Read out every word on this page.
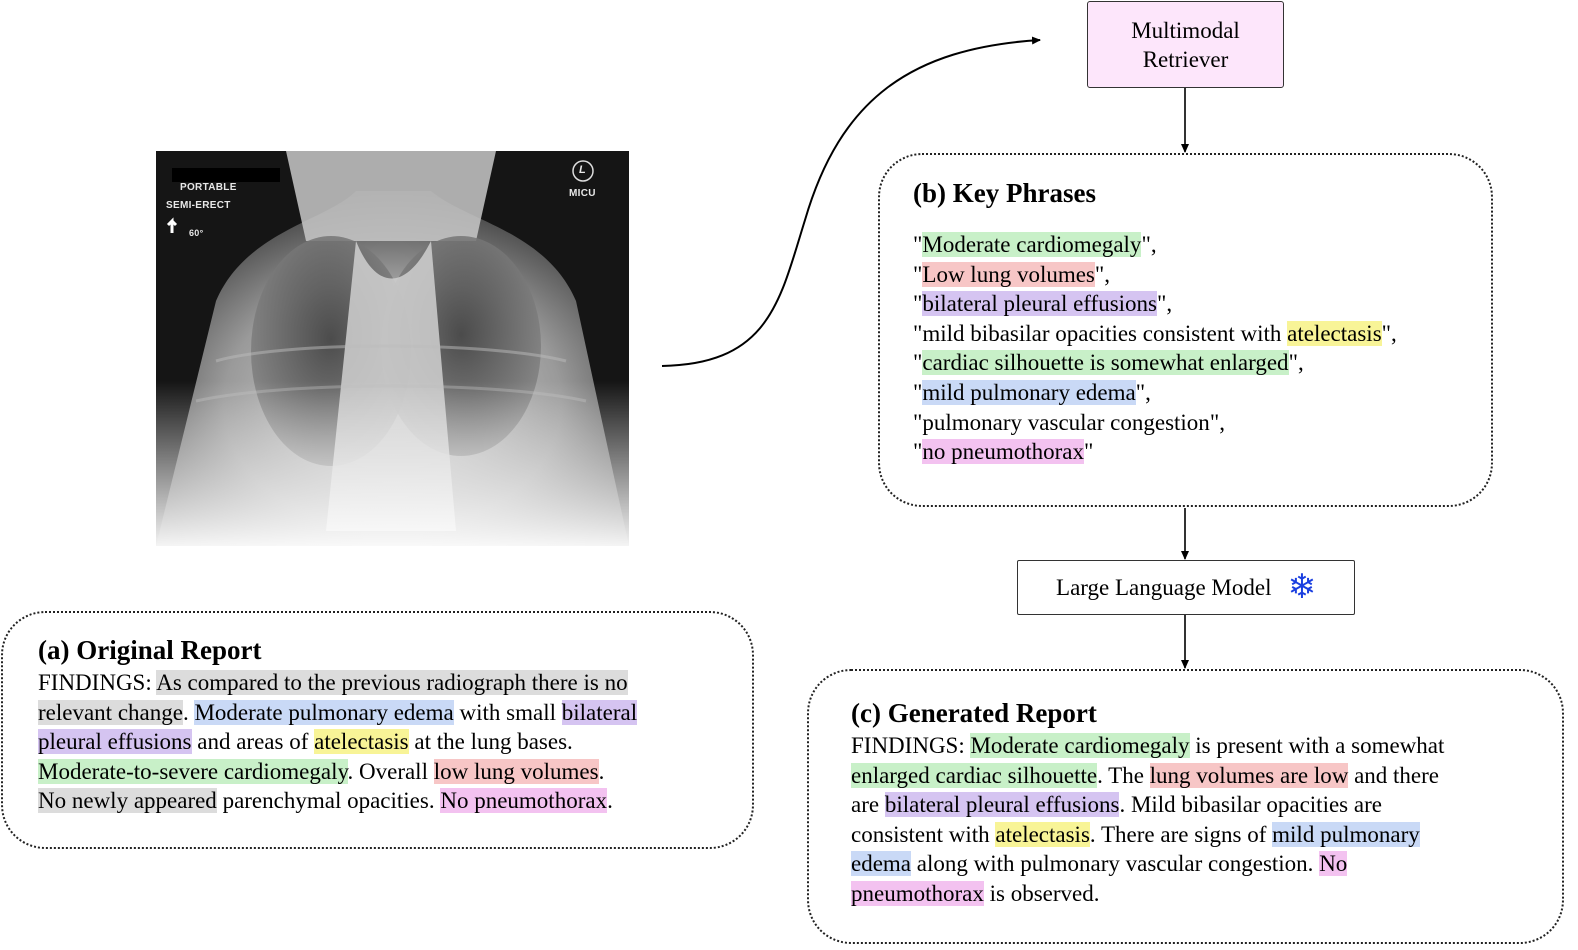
PORTABLE
SEMI-ERECT
60°
L
MICU
Multimodal
Retriever
(b) Key Phrases
"Moderate cardiomegaly",
"Low lung volumes",
"bilateral pleural effusions",
"mild bibasilar opacities consistent with atelectasis",
"cardiac silhouette is somewhat enlarged",
"mild pulmonary edema",
"pulmonary vascular congestion",
"no pneumothorax"
Large Language Model ❄
(a) Original Report
FINDINGS: As compared to the previous radiograph there is no
relevant change. Moderate pulmonary edema with small bilateral
pleural effusions and areas of atelectasis at the lung bases.
Moderate-to-severe cardiomegaly. Overall low lung volumes.
No newly appeared parenchymal opacities. No pneumothorax.
(c) Generated Report
FINDINGS: Moderate cardiomegaly is present with a somewhat
enlarged cardiac silhouette. The lung volumes are low and there
are bilateral pleural effusions. Mild bibasilar opacities are
consistent with atelectasis. There are signs of mild pulmonary
edema along with pulmonary vascular congestion. No
pneumothorax is observed.
